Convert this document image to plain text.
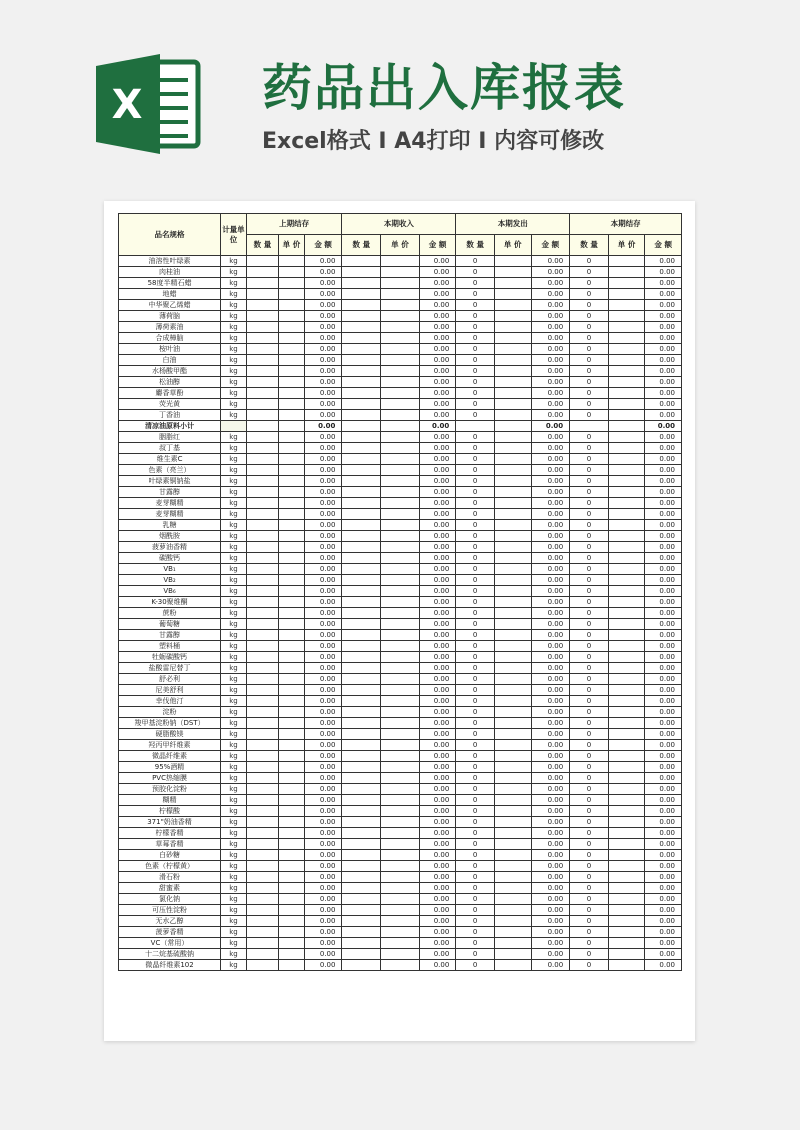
X 药品出入库报表
Excel格式 I A4打印 I 内容可修改
品名规格	计量单位	上期结存			本期收入			本期发出			本期结存		
		数 量	单 价	金 额	数 量	单 价	金 额	数 量	单 价	金 额	数 量	单 价	金 额
油溶性叶绿素	kg			0.00			0.00	0		0.00	0		0.00
肉桂油	kg			0.00			0.00	0		0.00	0		0.00
58度半精石蜡	kg			0.00			0.00	0		0.00	0		0.00
地蜡	kg			0.00			0.00	0		0.00	0		0.00
中华聚乙烯蜡	kg			0.00			0.00	0		0.00	0		0.00
薄荷脑	kg			0.00			0.00	0		0.00	0		0.00
薄荷素油	kg			0.00			0.00	0		0.00	0		0.00
合成樟脑	kg			0.00			0.00	0		0.00	0		0.00
桉叶油	kg			0.00			0.00	0		0.00	0		0.00
白油	kg			0.00			0.00	0		0.00	0		0.00
水杨酸甲酯	kg			0.00			0.00	0		0.00	0		0.00
松油醇	kg			0.00			0.00	0		0.00	0		0.00
麝香草酚	kg			0.00			0.00	0		0.00	0		0.00
荧光黄	kg			0.00			0.00	0		0.00	0		0.00
丁香油	kg			0.00			0.00	0		0.00	0		0.00
清凉油原料小计				0.00			0.00			0.00			0.00
胭脂红	kg			0.00			0.00	0		0.00	0		0.00
叔丁基	kg			0.00			0.00	0		0.00	0		0.00
维生素C	kg			0.00			0.00	0		0.00	0		0.00
色素（亮兰）	kg			0.00			0.00	0		0.00	0		0.00
叶绿素铜钠盐	kg			0.00			0.00	0		0.00	0		0.00
甘露醇	kg			0.00			0.00	0		0.00	0		0.00
麦芽糊精	kg			0.00			0.00	0		0.00	0		0.00
麦芽糊精	kg			0.00			0.00	0		0.00	0		0.00
乳糖	kg			0.00			0.00	0		0.00	0		0.00
烟酰胺	kg			0.00			0.00	0		0.00	0		0.00
菠萝油香精	kg			0.00			0.00	0		0.00	0		0.00
碳酸钙	kg			0.00			0.00	0		0.00	0		0.00
VB₁	kg			0.00			0.00	0		0.00	0		0.00
VB₂	kg			0.00			0.00	0		0.00	0		0.00
VB₆	kg			0.00			0.00	0		0.00	0		0.00
K-30聚维酮	kg			0.00			0.00	0		0.00	0		0.00
蔗粉	kg			0.00			0.00	0		0.00	0		0.00
葡萄糖	kg			0.00			0.00	0		0.00	0		0.00
甘露醇	kg			0.00			0.00	0		0.00	0		0.00
塑料桶	kg			0.00			0.00	0		0.00	0		0.00
牡蛎碳酸钙	kg			0.00			0.00	0		0.00	0		0.00
盐酸雷尼替丁	kg			0.00			0.00	0		0.00	0		0.00
舒必利	kg			0.00			0.00	0		0.00	0		0.00
尼美舒利	kg			0.00			0.00	0		0.00	0		0.00
幸伐他汀	kg			0.00			0.00	0		0.00	0		0.00
淀粉	kg			0.00			0.00	0		0.00	0		0.00
羧甲基淀粉钠（DST）	kg			0.00			0.00	0		0.00	0		0.00
硬脂酸镁	kg			0.00			0.00	0		0.00	0		0.00
羟丙甲纤维素	kg			0.00			0.00	0		0.00	0		0.00
微晶纤维素	kg			0.00			0.00	0		0.00	0		0.00
95%酒精	kg			0.00			0.00	0		0.00	0		0.00
PVC热缩膜	kg			0.00			0.00	0		0.00	0		0.00
预胶化淀粉	kg			0.00			0.00	0		0.00	0		0.00
糊精	kg			0.00			0.00	0		0.00	0		0.00
柠檬酸	kg			0.00			0.00	0		0.00	0		0.00
371"奶油香精	kg			0.00			0.00	0		0.00	0		0.00
柠檬香精	kg			0.00			0.00	0		0.00	0		0.00
草莓香精	kg			0.00			0.00	0		0.00	0		0.00
白砂糖	kg			0.00			0.00	0		0.00	0		0.00
色素（柠檬黄）	kg			0.00			0.00	0		0.00	0		0.00
滑石粉	kg			0.00			0.00	0		0.00	0		0.00
甜蜜素	kg			0.00			0.00	0		0.00	0		0.00
氯化钠	kg			0.00			0.00	0		0.00	0		0.00
可压性淀粉	kg			0.00			0.00	0		0.00	0		0.00
无水乙醇	kg			0.00			0.00	0		0.00	0		0.00
菠萝香精	kg			0.00			0.00	0		0.00	0		0.00
VC（常用）	kg			0.00			0.00	0		0.00	0		0.00
十二烷基硫酸钠	kg			0.00			0.00	0		0.00	0		0.00
微晶纤维素102	kg			0.00			0.00	0		0.00	0		0.00
